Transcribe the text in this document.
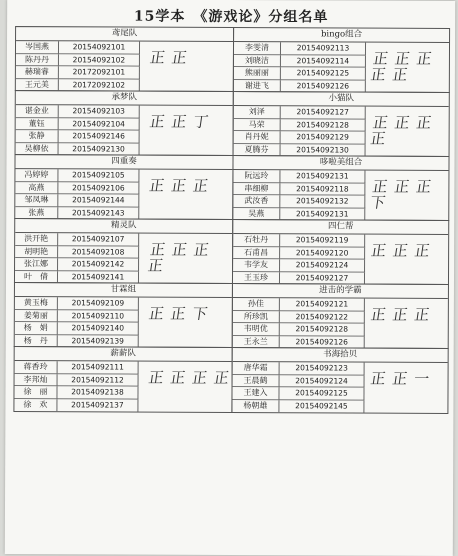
15学本　《游戏论》分组名单
鸢尾队
岑国燕	20154092101
陈丹丹	20154092102
赫瑞睿	20172092101
王元美	20172092102
正 正
bingo组合
李雯清	20154092113
刘晓洁	20154092114
熊丽丽	20154092125
谢进飞	20154092126
正 正 正
正 正
承梦队
谌金业	20154092103
董钰	20154092104
张静	20154092146
吴柳依	20154092130
正 正 丁
小猫队
刘泽	20154092127
马荣	20154092128
肖丹妮	20154092129
夏腾芬	20154092130
正 正 正
正
四重奏
冯婷婷	20154092105
高燕	20154092106
邹凤琳	20154092144
张燕	20154092143
正 正 正
哆啦美组合
阮远玲	20154092131
串细柳	20154092118
武汝香	20154092132
吴燕	20154092131
正 正 正
下
精灵队
洪开艳	20154092107
胡明艳	20154092108
张江娜	20154092142
叶　倩	20154092141
正 正 正
正
四仁帮
石牡丹	20154092119
石甫昌	20154092120
韦学友	20154092124
王玉珍	20154092127
正 正 正
甘霖组
黄玉梅	20154092109
姜菊丽	20154092110
杨　娟	20154092140
杨　丹	20154092139
正 正 下
进击的学霸
孙佳	20154092121
所珍凯	20154092122
韦明优	20154092128
王永兰	20154092126
正 正 正
薪薪队
蒋香玲	20154092111
李邦灿	20154092112
徐　丽	20154092138
徐　欢	20154092137
正 正 正 正
书海拾贝
唐华霜	20154092123
王晨鹤	20154092124
王建入	20154092125
杨朝雄	20154092145
正 正 一
